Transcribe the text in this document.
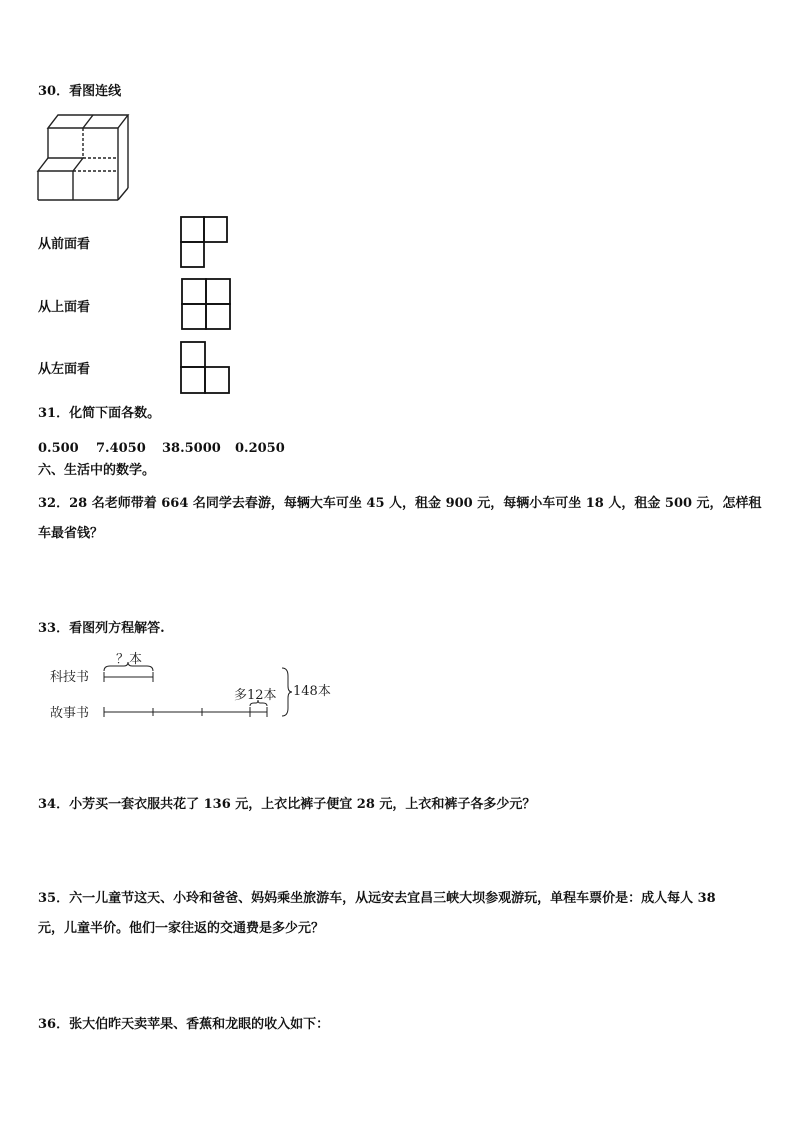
30．看图连线
从前面看
从上面看
从左面看
31．化简下面各数。
0.500 7.4050 38.5000 0.2050
六、生活中的数学。
32．28 名老师带着 664 名同学去春游，每辆大车可坐 45 人，租金 900 元，每辆小车可坐 18 人，租金 500 元，怎样租
车最省钱？
33．看图列方程解答.
科技书
故事书
？本
多12本 148本
34．小芳买一套衣服共花了 136 元，上衣比裤子便宜 28 元，上衣和裤子各多少元？
35．六一儿童节这天、小玲和爸爸、妈妈乘坐旅游车，从远安去宜昌三峡大坝参观游玩，单程车票价是：成人每人 38
元，儿童半价。他们一家往返的交通费是多少元？
36．张大伯昨天卖苹果、香蕉和龙眼的收入如下：
